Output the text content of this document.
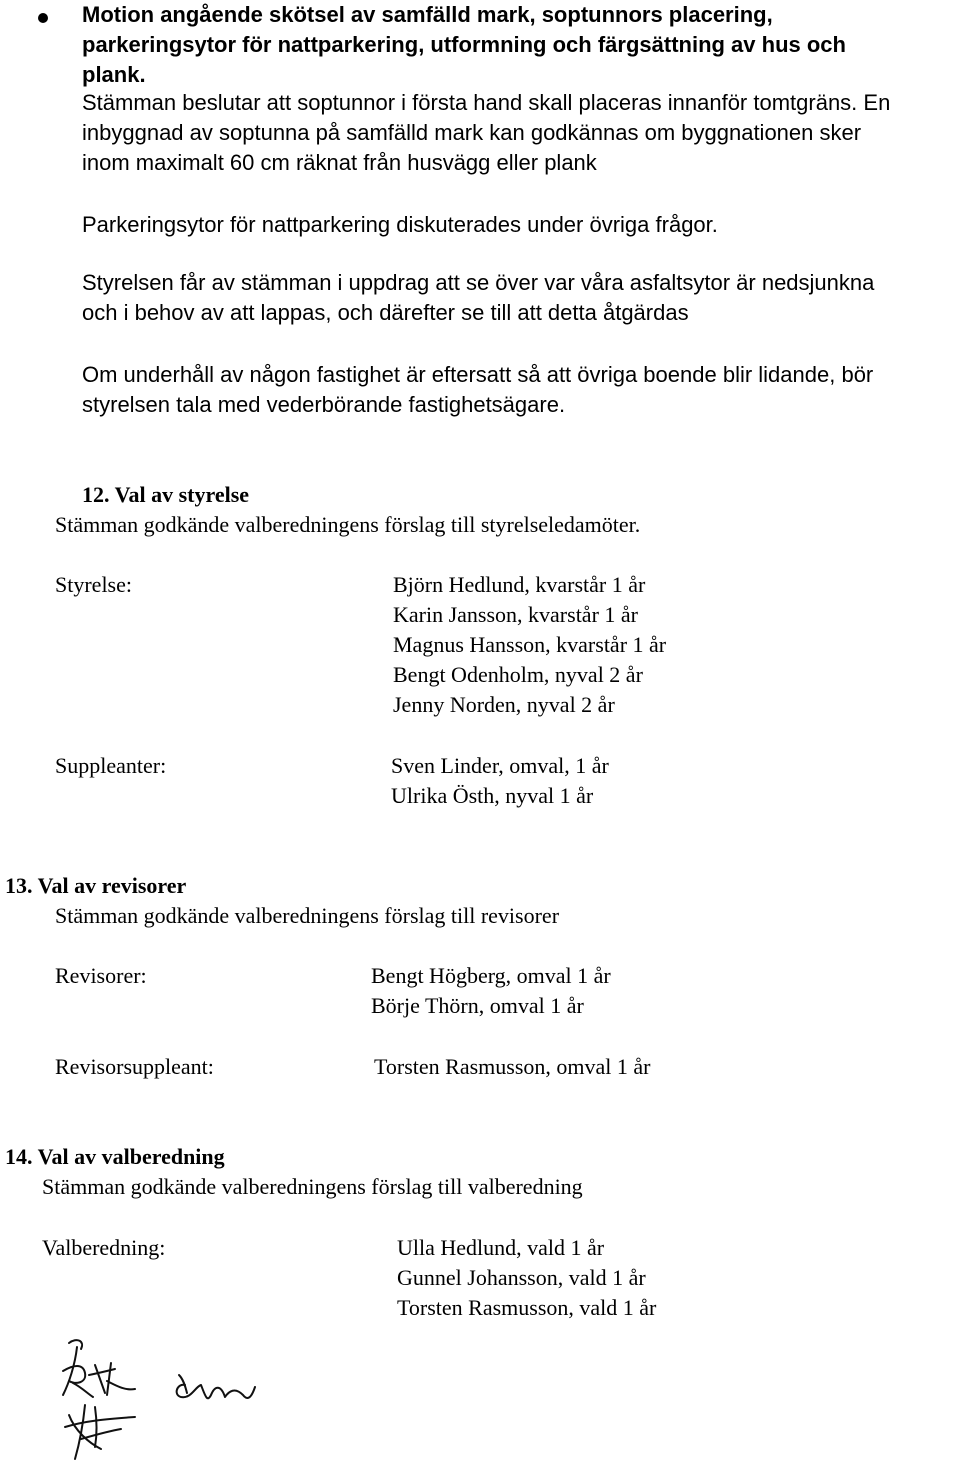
Motion angående skötsel av samfälld mark, soptunnors placering,
parkeringsytor för nattparkering, utformning och färgsättning av hus och
plank.
Stämman beslutar att soptunnor i första hand skall placeras innanför tomtgräns. En
inbyggnad av soptunna på samfälld mark kan godkännas om byggnationen sker
inom maximalt 60 cm räknat från husvägg eller plank
Parkeringsytor för nattparkering diskuterades under övriga frågor.
Styrelsen får av stämman i uppdrag att se över var våra asfaltsytor är nedsjunkna
och i behov av att lappas, och därefter se till att detta åtgärdas
Om underhåll av någon fastighet är eftersatt så att övriga boende blir lidande, bör
styrelsen tala med vederbörande fastighetsägare.
12. Val av styrelse
Stämman godkände valberedningens förslag till styrelseledamöter.
Styrelse:	Björn Hedlund, kvarstår 1 år
Karin Jansson, kvarstår 1 år
Magnus Hansson, kvarstår 1 år
Bengt Odenholm, nyval 2 år
Jenny Norden, nyval 2 år
Suppleanter:	Sven Linder, omval, 1 år
Ulrika Östh, nyval 1 år
13. Val av revisorer
Stämman godkände valberedningens förslag till revisorer
Revisorer:	Bengt Högberg, omval 1 år
Börje Thörn, omval 1 år
Revisorsuppleant:	Torsten Rasmusson, omval 1 år
14. Val av valberedning
Stämman godkände valberedningens förslag till valberedning
Valberedning:	Ulla Hedlund, vald 1 år
Gunnel Johansson, vald 1 år
Torsten Rasmusson, vald 1 år
